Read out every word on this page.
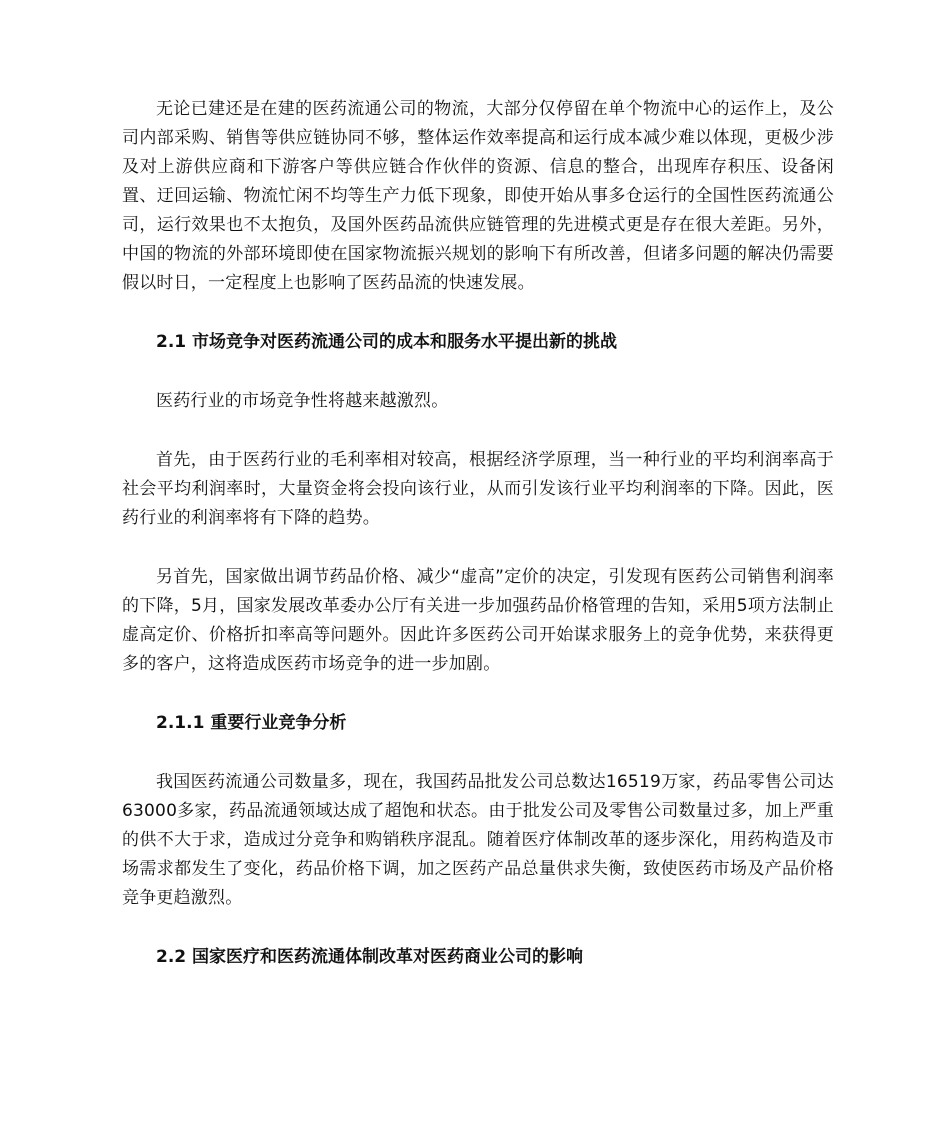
无论已建还是在建的医药流通公司的物流，大部分仅停留在单个物流中心的运作上，及公司内部采购、销售等供应链协同不够，整体运作效率提高和运行成本减少难以体现，更极少涉及对上游供应商和下游客户等供应链合作伙伴的资源、信息的整合，出现库存积压、设备闲置、迂回运输、物流忙闲不均等生产力低下现象，即使开始从事多仓运行的全国性医药流通公司，运行效果也不太抱负，及国外医药品流供应链管理的先进模式更是存在很大差距。另外，中国的物流的外部环境即使在国家物流振兴规划的影响下有所改善，但诸多问题的解决仍需要假以时日，一定程度上也影响了医药品流的快速发展。

2.1 市场竞争对医药流通公司的成本和服务水平提出新的挑战

医药行业的市场竞争性将越来越激烈。

首先，由于医药行业的毛利率相对较高，根据经济学原理，当一种行业的平均利润率高于社会平均利润率时，大量资金将会投向该行业，从而引发该行业平均利润率的下降。因此，医药行业的利润率将有下降的趋势。

另首先，国家做出调节药品价格、减少“虚高”定价的决定，引发现有医药公司销售利润率的下降，5月，国家发展改革委办公厅有关进一步加强药品价格管理的告知，采用5项方法制止虚高定价、价格折扣率高等问题外。因此许多医药公司开始谋求服务上的竞争优势，来获得更多的客户，这将造成医药市场竞争的进一步加剧。

2.1.1 重要行业竞争分析

我国医药流通公司数量多，现在，我国药品批发公司总数达16519万家，药品零售公司达63000多家，药品流通领域达成了超饱和状态。由于批发公司及零售公司数量过多，加上严重的供不大于求，造成过分竞争和购销秩序混乱。随着医疗体制改革的逐步深化，用药构造及市场需求都发生了变化，药品价格下调，加之医药产品总量供求失衡，致使医药市场及产品价格竞争更趋激烈。

2.2 国家医疗和医药流通体制改革对医药商业公司的影响
